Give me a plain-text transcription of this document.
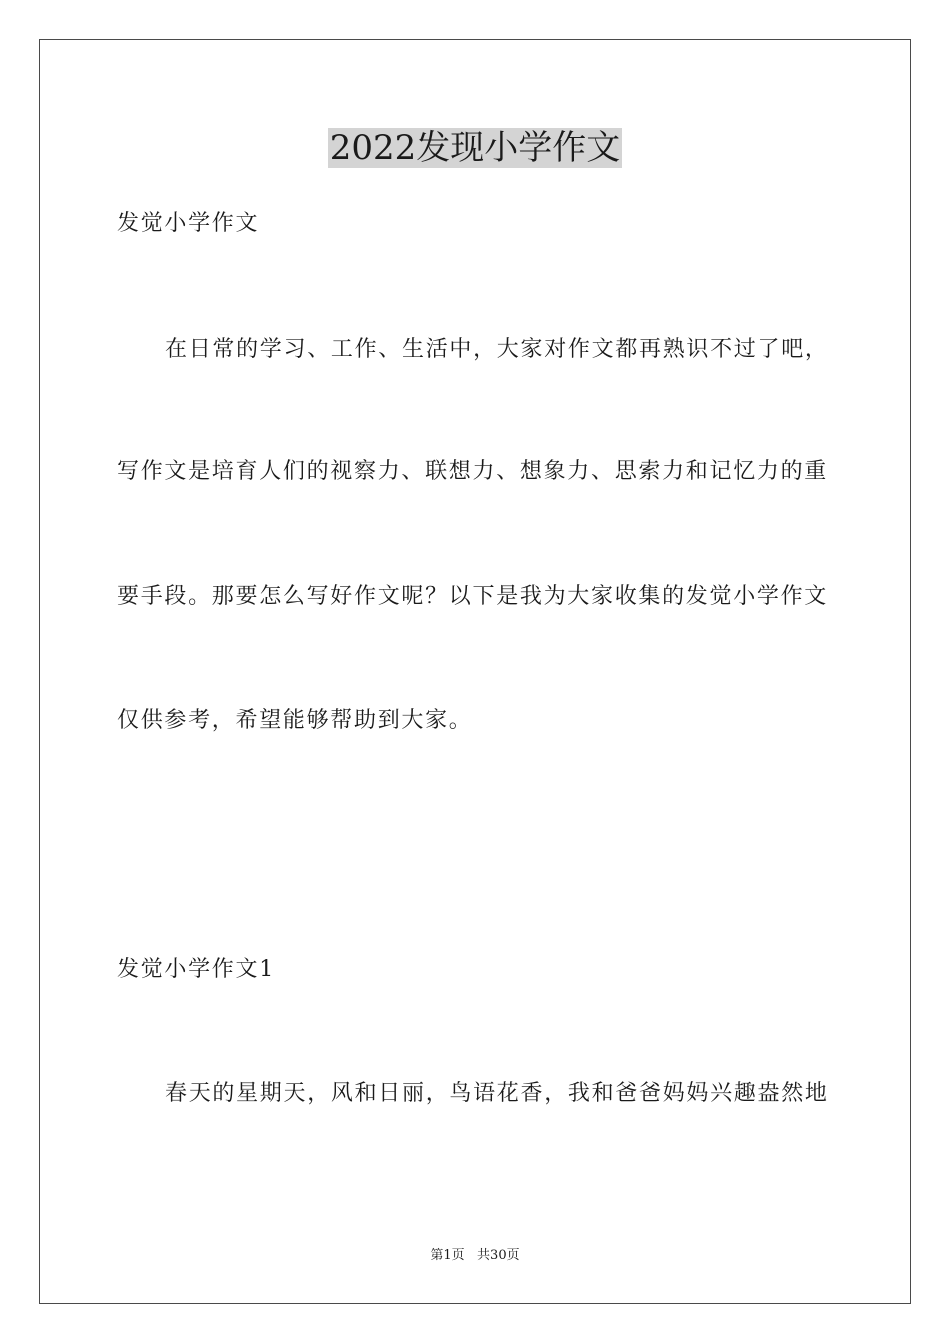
2022发现小学作文
发觉小学作文
在日常的学习、工作、生活中，大家对作文都再熟识不过了吧，
写作文是培育人们的视察力、联想力、想象力、思索力和记忆力的重
要手段。那要怎么写好作文呢？以下是我为大家收集的发觉小学作文
仅供参考，希望能够帮助到大家。
发觉小学作文1
春天的星期天，风和日丽，鸟语花香，我和爸爸妈妈兴趣盎然地
第1页   共30页
